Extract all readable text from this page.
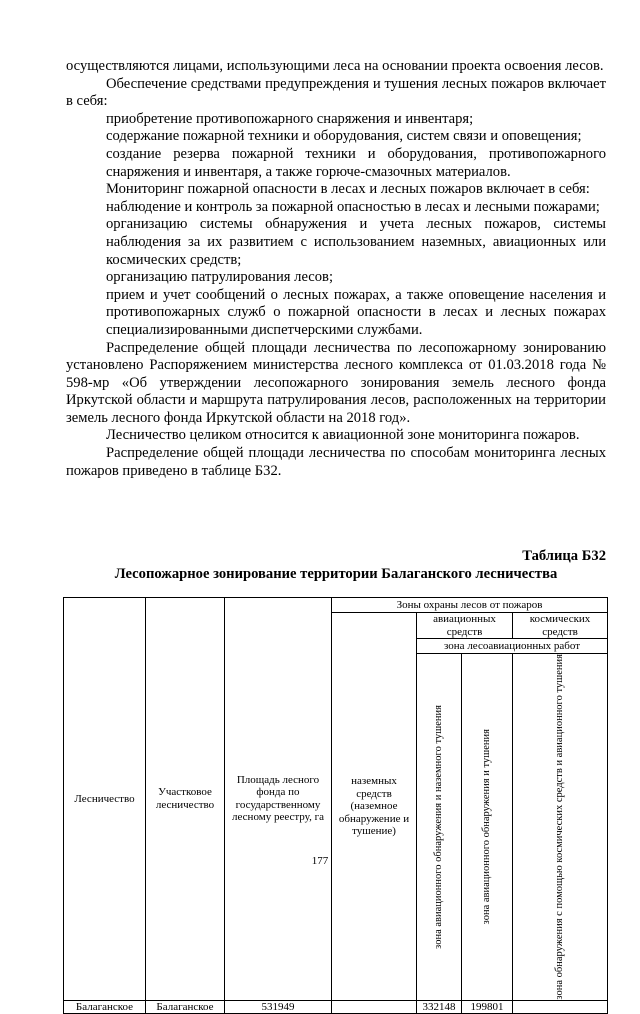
осуществляются лицами, использующими леса на основании проекта освоения лесов.

Обеспечение средствами предупреждения и тушения лесных пожаров включает в себя:

приобретение противопожарного снаряжения и инвентаря;

содержание пожарной техники и оборудования, систем связи и оповещения;

создание резерва пожарной техники и оборудования, противопожарного снаряжения и инвентаря, а также горюче-смазочных материалов.

Мониторинг пожарной опасности в лесах и лесных пожаров включает в себя:

наблюдение и контроль за пожарной опасностью в лесах и лесными пожарами;

организацию системы обнаружения и учета лесных пожаров, системы наблюдения за их развитием с использованием наземных, авиационных или космических средств;

организацию патрулирования лесов;

прием и учет сообщений о лесных пожарах, а также оповещение населения и противопожарных служб о пожарной опасности в лесах и лесных пожарах специализированными диспетчерскими службами.

Распределение общей площади лесничества по лесопожарному зонированию установлено Распоряжением министерства лесного комплекса от 01.03.2018 года № 598-мр «Об утверждении лесопожарного зонирования земель лесного фонда Иркутской области и маршрута патрулирования лесов, расположенных на территории земель лесного фонда Иркутской области на 2018 год».

Лесничество целиком относится к авиационной зоне мониторинга пожаров.

Распределение общей площади лесничества по способам мониторинга лесных пожаров приведено в таблице Б32.

Таблица Б32
Лесопожарное зонирование территории Балаганского лесничества
Лесничество	Участковое лесничество	Площадь лесного фонда по государственному лесному реестру, га	Зоны охраны лесов от пожаров			
			наземных средств (наземное обнаружение и тушение)	авиационных средств		космических средств
				зона лесоавиационных работ		

				зона авиационного обнаружения и наземного тушения	зона авиационного обнаружения и тушения	зона обнаружения с помощью космических средств и авиационного тушения

Балаганское	Балаганское	531949		332148	199801	
177
